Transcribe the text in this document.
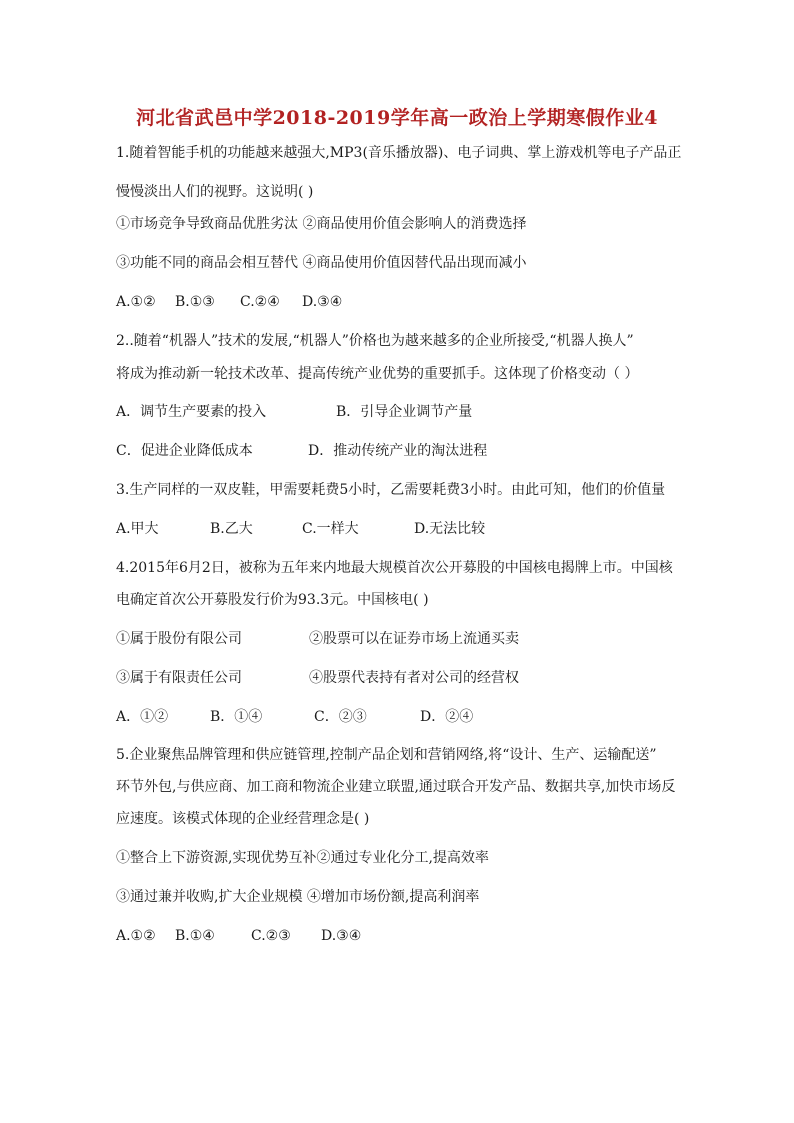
河北省武邑中学2018-2019学年高一政治上学期寒假作业4
1.随着智能手机的功能越来越强大,MP3(音乐播放器)、电子词典、掌上游戏机等电子产品正
慢慢淡出人们的视野。这说明( )
①市场竞争导致商品优胜劣汰 ②商品使用价值会影响人的消费选择
③功能不同的商品会相互替代 ④商品使用价值因替代品出现而减小
A.①② B.①③ C.②④ D.③④
2..随着“机器人”技术的发展,“机器人”价格也为越来越多的企业所接受,“机器人换人”
将成为推动新一轮技术改革、提高传统产业优势的重要抓手。这体现了价格变动（ ）
A．调节生产要素的投入	B．引导企业调节产量
C．促进企业降低成本	D．推动传统产业的淘汰进程
3.生产同样的一双皮鞋，甲需要耗费5小时，乙需要耗费3小时。由此可知，他们的价值量
A.甲大	B.乙大	C.一样大	D.无法比较
4.2015年6月2日，被称为五年来内地最大规模首次公开募股的中国核电揭牌上市。中国核
电确定首次公开募股发行价为93.3元。中国核电( )
①属于股份有限公司	②股票可以在证券市场上流通买卖
③属于有限责任公司	④股票代表持有者对公司的经营权
A．①②	B．①④	C．②③	D．②④
5.企业聚焦品牌管理和供应链管理,控制产品企划和营销网络,将“设计、生产、运输配送”
环节外包,与供应商、加工商和物流企业建立联盟,通过联合开发产品、数据共享,加快市场反
应速度。该模式体现的企业经营理念是( )
①整合上下游资源,实现优势互补②通过专业化分工,提高效率
③通过兼并收购,扩大企业规模 ④增加市场份额,提高利润率
A.①② B.①④	C.②③ D.③④
